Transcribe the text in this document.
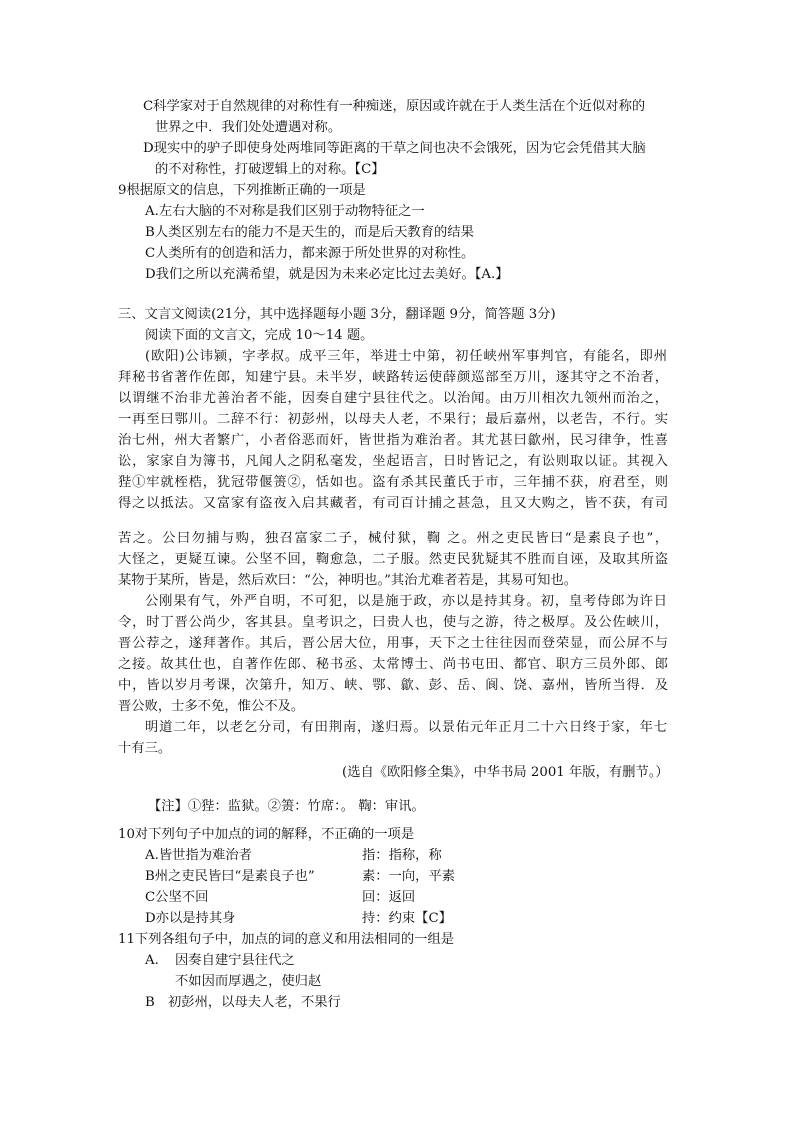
C科学家对于自然规律的对称性有一种痴迷，原因或许就在于人类生活在个近似对称的
世界之中．我们处处遭遇对称。
D现实中的驴子即使身处两堆同等距离的干草之间也决不会饿死，因为它会凭借其大脑
的不对称性，打破逻辑上的对称。【C】
9根据原文的信息，下列推断正确的一项是
A.左右大脑的不对称是我们区别于动物特征之一
B人类区别左右的能力不是天生的，而是后天教育的结果
C人类所有的创造和活力，都来源于所处世界的对称性。
D我们之所以充满希望，就是因为未来必定比过去美好。【A.】
三、文言文阅读(21分，其中选择题每小题 3分，翻译题 9分，简答题 3分)
阅读下面的文言文，完成 10～14 题。
(欧阳)公讳颍，字孝叔。成平三年，举进士中第，初任峡州军事判官，有能名，即州
拜秘书省著作佐郎，知建宁县。未半岁，峡路转运使薛颜巡部至万川，逐其守之不治者，
以谓继不治非尤善治者不能，因奏自建宁县往代之。以治闻。由万川相次九领州而治之，
一再至曰鄂川。二辞不行：初彭州，以母夫人老，不果行；最后嘉州，以老告，不行。实
治七州，州大者繁广，小者俗恶而奸，皆世指为难治者。其尤甚曰歙州，民习律争，性喜
讼，家家自为簿书，凡闻人之阴私毫发，坐起语言，日时皆记之，有讼则取以证。其视入
狴①牢就桎梏，犹冠带偃箦②，恬如也。盗有杀其民董氏于市，三年捕不获，府君至，则
得之以抵法。又富家有盗夜入启其藏者，有司百计捕之甚急，且又大购之，皆不获，有司
苦之。公曰勿捕与购，独召富家二子，械付狱，鞫 之。州之吏民皆曰“是素良子也”，
大怪之，更疑互谏。公坚不回，鞫愈急，二子服。然吏民犹疑其不胜而自诬，及取其所盗
某物于某所，皆是，然后欢曰：“公，神明也。”其治尤难者若是，其易可知也。
公刚果有气，外严自明，不可犯，以是施于政，亦以是持其身。初，皇考侍郎为许日
令，时丁晋公尚少，客其县。皇考识之，曰贵人也，使与之游，待之极厚。及公佐峡川，
晋公荐之，遂拜著作。其后，晋公居大位，用事，天下之士往往因而登荣显，而公屏不与
之接。故其仕也，自著作佐郎、秘书丞、太常博士、尚书屯田、都官、职方三员外郎、郎
中，皆以岁月考课，次第升，知万、峡、鄂、歙、彭、岳、阆、饶、嘉州，皆所当得．及
晋公败，士多不免，惟公不及。
明道二年，以老乞分司，有田荆南，遂归焉。以景佑元年正月二十六日终于家，年七
十有三。
(选自《欧阳修全集》，中华书局 2001 年版，有删节。）
【注】①狴：监狱。②箦：竹席：。 鞫：审讯。
10对下列句子中加点的词的解释，不正确的一项是
A.皆世指为难治者	指：指称，称
B州之吏民皆曰“是素良子也”	素：一向，平素
C公坚不回	回：返回
D亦以是持其身	持：约束【C】
11下列各组句子中，加点的词的意义和用法相同的一组是
A. 因奏自建宁县往代之
不如因而厚遇之，使归赵
B 初彭州，以母夫人老，不果行
